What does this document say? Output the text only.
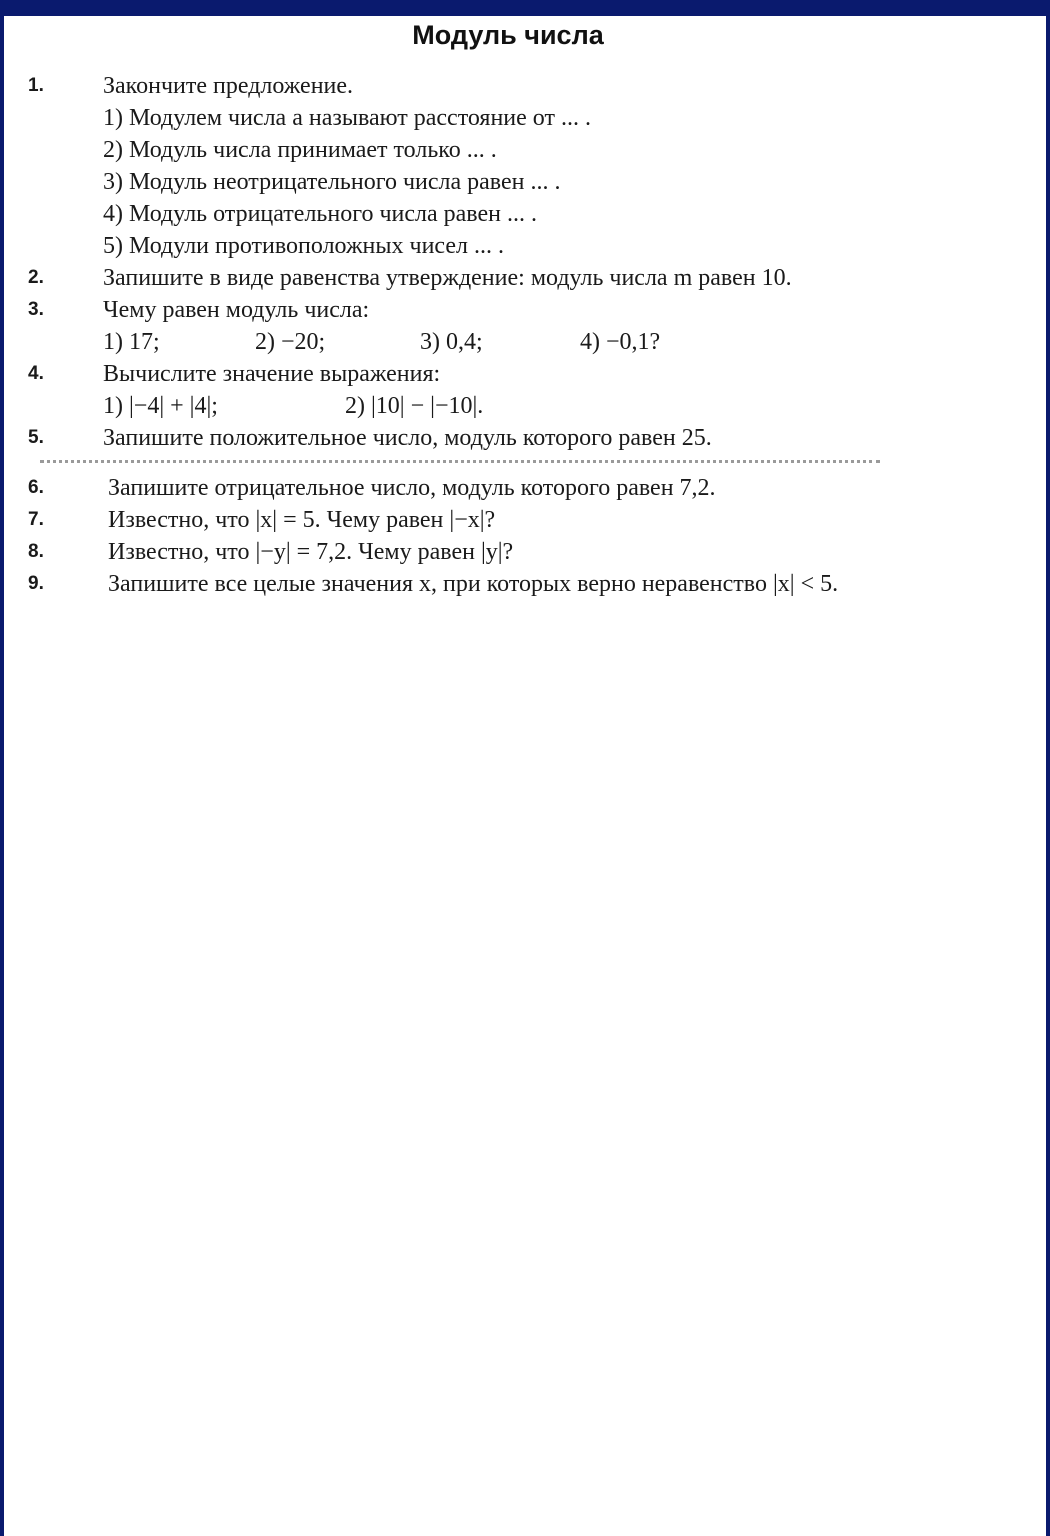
Модуль числа
1. Закончите предложение.
1) Модулем числа a называют расстояние от ... .
2) Модуль числа принимает только ... .
3) Модуль неотрицательного числа равен ... .
4) Модуль отрицательного числа равен ... .
5) Модули противоположных чисел ... .
2. Запишите в виде равенства утверждение: модуль числа m равен 10.
3. Чему равен модуль числа:
1) 17;	2) −20;	3) 0,4;	4) −0,1?
4. Вычислите значение выражения:
1) |−4| + |4|;	2) |10| − |−10|.
5. Запишите положительное число, модуль которого равен 25.
6.	Запишите отрицательное число, модуль которого равен 7,2.
7.	Известно, что |x| = 5. Чему равен |−x|?
8.	Известно, что |−y| = 7,2. Чему равен |y|?
9.	Запишите все целые значения x, при которых верно неравенство |x| < 5.
